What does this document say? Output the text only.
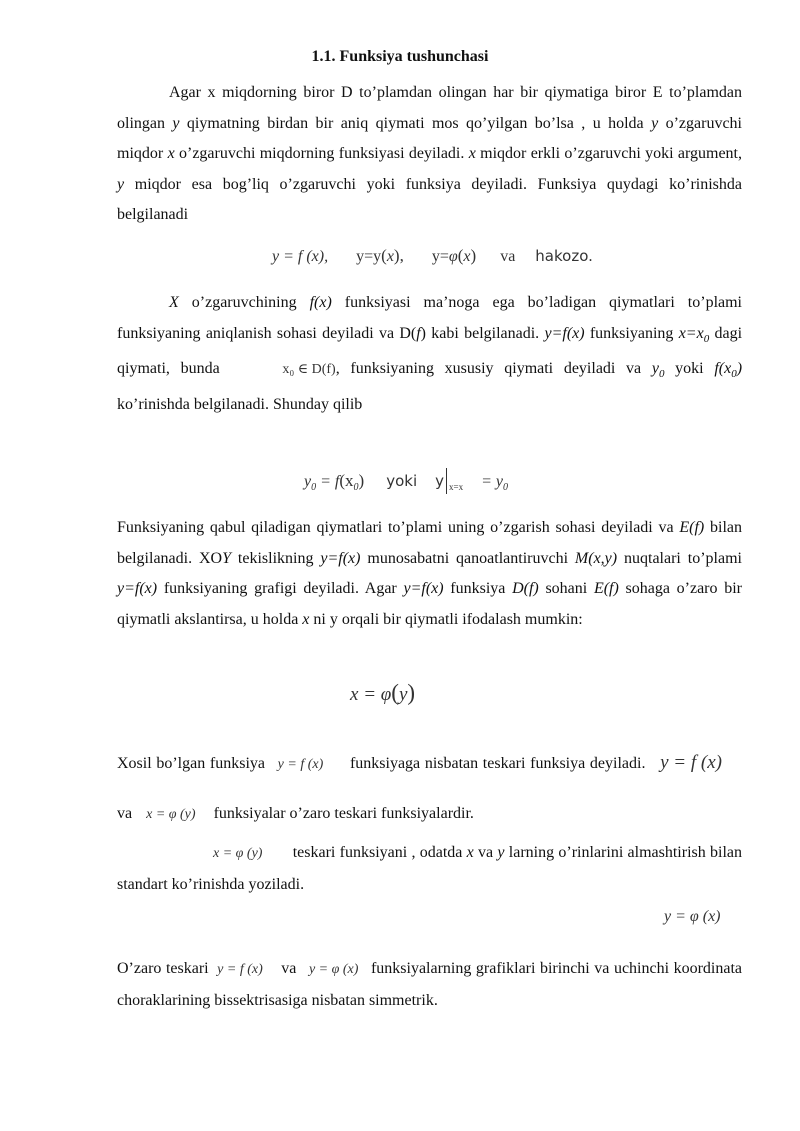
1.1. Funksiya tushunchasi
Agar x miqdorning biror D to’plamdan olingan har bir qiymatiga biror E to’plamdan olingan y qiymatning birdan bir aniq qiymati mos qo’yilgan bo’lsa , u holda y o’zgaruvchi miqdor x o’zgaruvchi miqdorning funksiyasi deyiladi. x miqdor erkli o’zgaruvchi yoki argument, y miqdor esa bog’liq o’zgaruvchi yoki funksiya deyiladi. Funksiya quydagi ko’rinishda belgilanadi
y = f (x), y=y(x), y=φ(x) va hakozo.
X o’zgaruvchining f(x) funksiyasi ma’noga ega bo’ladigan qiymatlari to’plami funksiyaning aniqlanish sohasi deyiladi va D(f) kabi belgilanadi. y=f(x) funksiyaning $x=x_0$ dagi qiymati, bunda	x₀ ∈ D(f), funksiyaning xususiy qiymati deyiladi va $y_0$ yoki $f(x_0)$ ko’rinishda belgilanadi. Shunday qilib
$y_0 = f(x_0)$ yoki y $_{x=x} = y_0$
Funksiyaning qabul qiladigan qiymatlari to’plami uning o’zgarish sohasi deyiladi va E(f) bilan belgilanadi. XOY tekislikning y=f(x) munosabatni qanoatlantiruvchi M(x,y) nuqtalari to’plami y=f(x) funksiyaning grafigi deyiladi. Agar y=f(x) funksiya D(f) sohani E(f) sohaga o’zaro bir qiymatli akslantirsa, u holda x ni y orqali bir qiymatli ifodalash mumkin:
x = φ(y)
Xosil bo’lgan funksiya y = f (x) funksiyaga nisbatan teskari funksiya deyiladi. y = f (x) va x = φ (y) funksiyalar o’zaro teskari funksiyalardir.
x = φ (y) teskari funksiyani , odatda x va y larning o’rinlarini almashtirish bilan standart ko’rinishda yoziladi.
y = φ (x)
O’zaro teskari y = f (x) va y = φ (x) funksiyalarning grafiklari birinchi va uchinchi koordinata choraklarining bissektrisasiga nisbatan simmetrik.
